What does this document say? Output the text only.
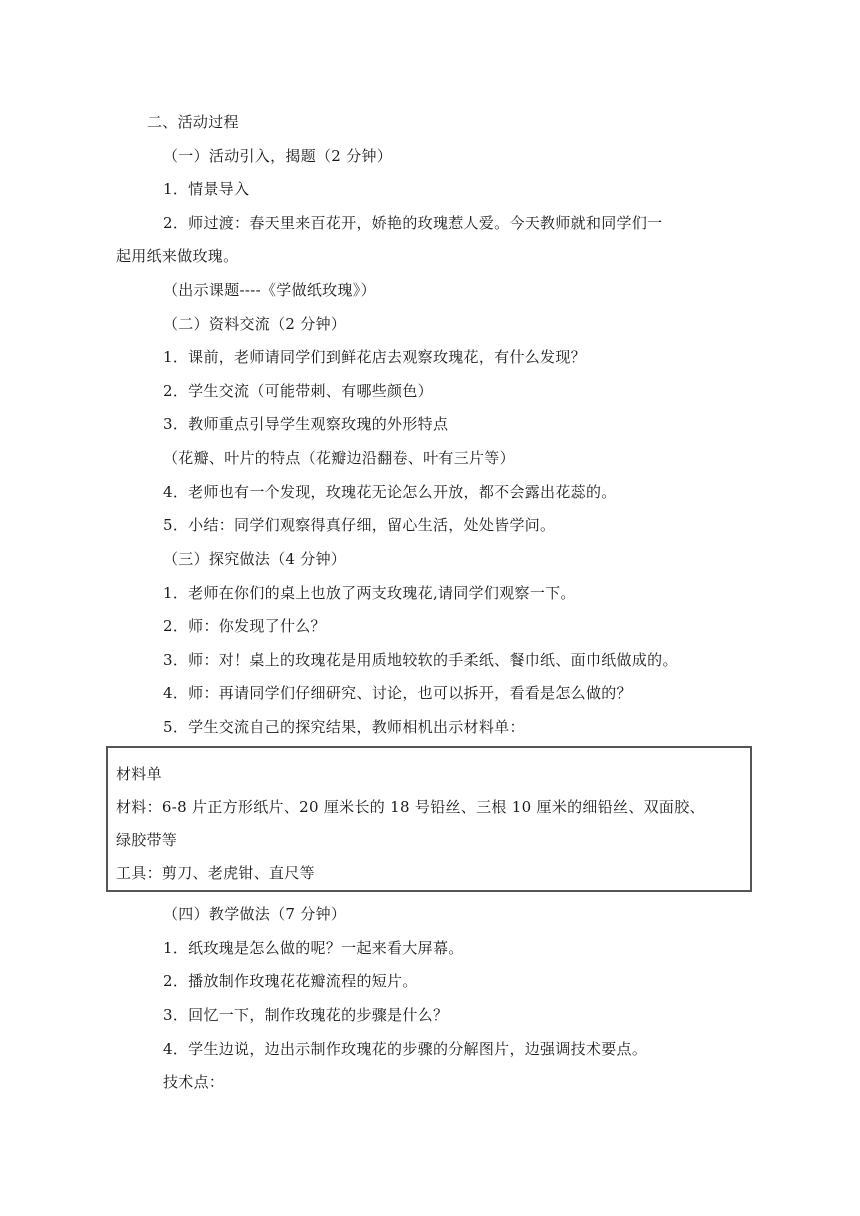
二、活动过程
（一）活动引入，揭题（2 分钟）
1．情景导入
2．师过渡：春天里来百花开，娇艳的玫瑰惹人爱。今天教师就和同学们一
起用纸来做玫瑰。
（出示课题----《学做纸玫瑰》）
（二）资料交流（2 分钟）
1．课前，老师请同学们到鲜花店去观察玫瑰花，有什么发现？
2．学生交流（可能带刺、有哪些颜色）
3．教师重点引导学生观察玫瑰的外形特点
（花瓣、叶片的特点（花瓣边沿翻卷、叶有三片等）
4．老师也有一个发现，玫瑰花无论怎么开放，都不会露出花蕊的。
5．小结：同学们观察得真仔细，留心生活，处处皆学问。
（三）探究做法（4 分钟）
1．老师在你们的桌上也放了两支玫瑰花,请同学们观察一下。
2．师：你发现了什么？
3．师：对！桌上的玫瑰花是用质地较软的手柔纸、餐巾纸、面巾纸做成的。
4．师：再请同学们仔细研究、讨论，也可以拆开，看看是怎么做的？
5．学生交流自己的探究结果，教师相机出示材料单：
材料单
材料：6-8 片正方形纸片、20 厘米长的 18 号铅丝、三根 10 厘米的细铅丝、双面胶、
绿胶带等
工具：剪刀、老虎钳、直尺等
（四）教学做法（7 分钟）
1．纸玫瑰是怎么做的呢？一起来看大屏幕。
2．播放制作玫瑰花花瓣流程的短片。
3．回忆一下，制作玫瑰花的步骤是什么？
4．学生边说，边出示制作玫瑰花的步骤的分解图片，边强调技术要点。
技术点：
